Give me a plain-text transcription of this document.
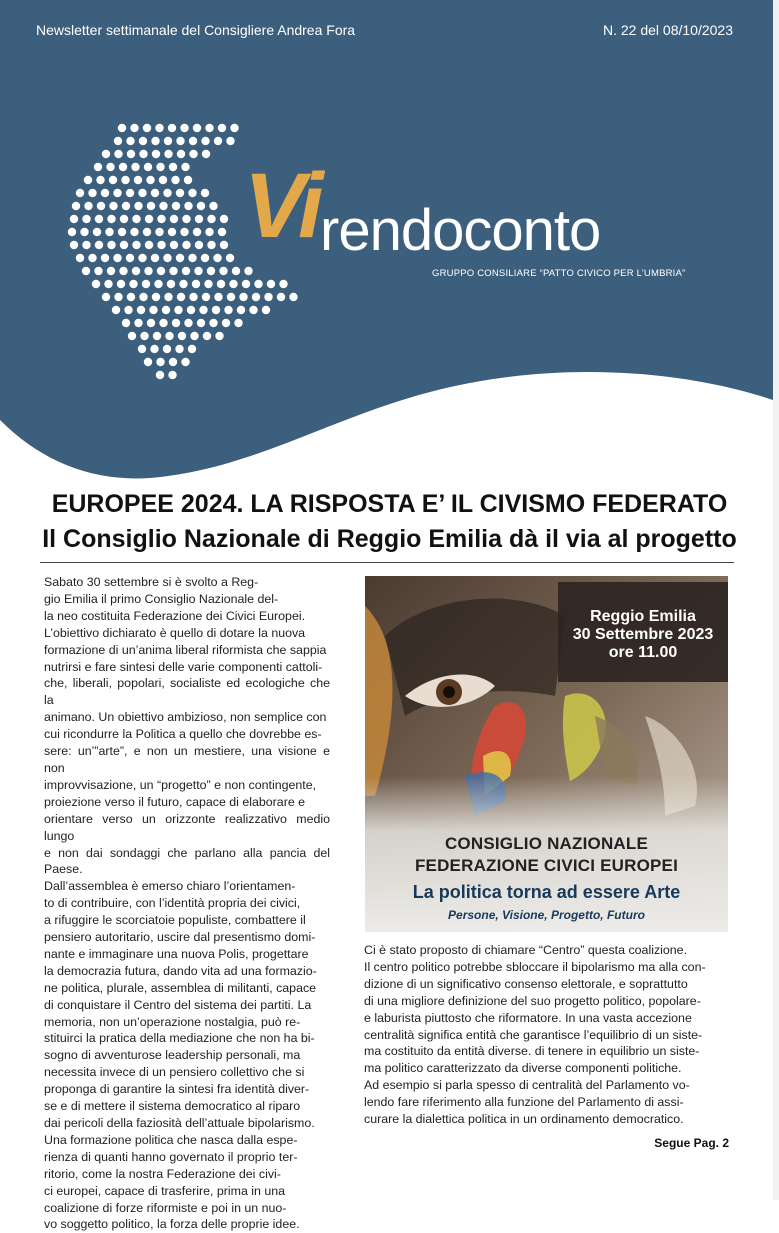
Newsletter settimanale del Consigliere Andrea Fora	N. 22 del 08/10/2023
Vi rendoconto
GRUPPO CONSILIARE “PATTO CIVICO PER L’UMBRIA”
EUROPEE 2024. LA RISPOSTA E’ IL CIVISMO FEDERATO
Il Consiglio Nazionale di Reggio Emilia dà il via al progetto

Sabato 30 settembre si è svolto a Reg-

gio Emilia il primo Consiglio Nazionale del-

la neo costituita Federazione dei Civici Europei.

L’obiettivo dichiarato è quello di dotare la nuova

formazione di un’anima liberal riformista che sappia

nutrirsi e fare sintesi delle varie componenti cattoli-

che, liberali, popolari, socialiste ed ecologiche che la

animano. Un obiettivo ambizioso, non semplice con

cui ricondurre la Politica a quello che dovrebbe es-

sere: un’”arte”, e non un mestiere, una visione e non

improvvisazione, un “progetto” e non contingente,

proiezione verso il futuro, capace di elaborare e

orientare verso un orizzonte realizzativo medio lungo

e non dai sondaggi che parlano alla pancia del Paese.

Dall’assemblea è emerso chiaro l’orientamen-

to di contribuire, con l’identità propria dei civici,

a rifuggire le scorciatoie populiste, combattere il

pensiero autoritario, uscire dal presentismo domi-

nante e immaginare una nuova Polis, progettare

la democrazia futura, dando vita ad una formazio-

ne politica, plurale, assemblea di militanti, capace

di conquistare il Centro del sistema dei partiti. La

memoria, non un’operazione nostalgia, può re-

stituirci la pratica della mediazione che non ha bi-

sogno di avventurose leadership personali, ma

necessita invece di un pensiero collettivo che si

proponga di garantire la sintesi fra identità diver-

se e di mettere il sistema democratico al riparo

dai pericoli della faziosità dell’attuale bipolarismo.

Una formazione politica che nasca dalla espe-

rienza di quanti hanno governato il proprio ter-

ritorio, come la nostra Federazione dei civi-

ci europei, capace di trasferire, prima in una

coalizione di forze riformiste e poi in un nuo-

vo soggetto politico, la forza delle proprie idee.

Reggio Emilia
30 Settembre 2023
ore 11.00
CONSIGLIO NAZIONALE
FEDERAZIONE CIVICI EUROPEI
La politica torna ad essere Arte
Persone, Visione, Progetto, Futuro

Ci è stato proposto di chiamare “Centro” questa coalizione.

Il centro politico potrebbe sbloccare il bipolarismo ma alla con-

dizione di un significativo consenso elettorale, e soprattutto

di una migliore definizione del suo progetto politico, popolare-

e laburista piuttosto che riformatore. In una vasta accezione

centralità significa entità che garantisce l’equilibrio di un siste-

ma costituito da entità diverse. di tenere in equilibrio un siste-

ma politico caratterizzato da diverse componenti politiche.

Ad esempio si parla spesso di centralità del Parlamento vo-

lendo fare riferimento alla funzione del Parlamento di assi-

curare la dialettica politica in un ordinamento democratico.

Segue Pag. 2
